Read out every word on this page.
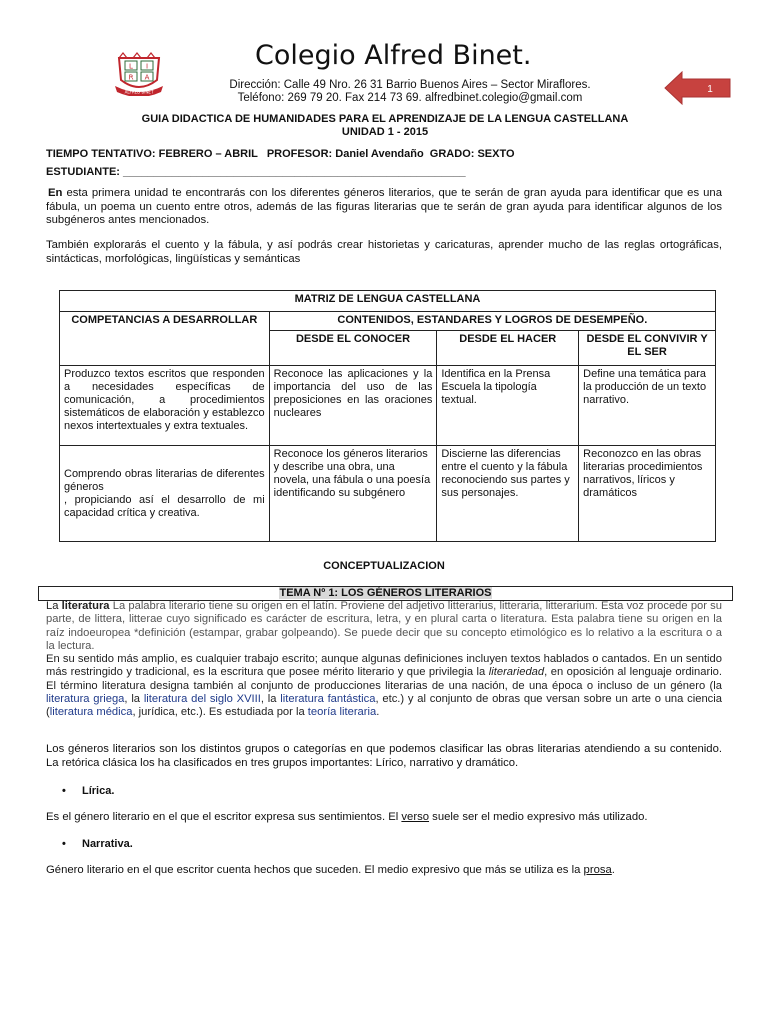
L I
R A
ALFRED BINET
Colegio Alfred Binet.
Dirección: Calle 49 Nro. 26 31 Barrio Buenos Aires – Sector Miraflores.
Teléfono: 269 79 20. Fax 214 73 69. alfredbinet.colegio@gmail.com
1
GUIA DIDACTICA DE HUMANIDADES PARA EL APRENDIZAJE DE LA LENGUA CASTELLANA
UNIDAD 1 - 2015
TIEMPO TENTATIVO: FEBRERO – ABRIL   PROFESOR: Daniel Avendaño  GRADO: SEXTO
ESTUDIANTE: ________________________________________________________
En esta primera unidad te encontrarás con los diferentes géneros literarios, que te serán de gran ayuda para identificar que es una fábula, un poema un cuento entre otros, además de las figuras literarias que te serán de gran ayuda para identificar algunos de los subgéneros antes mencionados.
También explorarás el cuento y la fábula, y así podrás crear historietas y caricaturas, aprender mucho de las reglas ortográficas, sintácticas, morfológicas, lingüísticas y semánticas
MATRIZ DE LENGUA CASTELLANA			
COMPETANCIAS A DESARROLLAR	CONTENIDOS, ESTANDARES Y LOGROS DE DESEMPEÑO.		
	DESDE EL CONOCER	DESDE EL HACER	DESDE EL CONVIVIR Y EL SER
Produzco textos escritos que responden a necesidades específicas de comunicación, a procedimientos sistemáticos de elaboración y establezco nexos intertextuales y extra textuales.	Reconoce las aplicaciones y la importancia del uso de las preposiciones en las oraciones nucleares	Identifica en la Prensa Escuela la tipología textual.	Define una temática para la producción de un texto narrativo.

Comprendo obras literarias de diferentes géneros
, propiciando así el desarrollo de mi capacidad crítica y creativa.	Reconoce los géneros literarios y describe una obra, una novela, una fábula o una poesía identificando su subgénero	Discierne las diferencias entre el cuento y la fábula reconociendo sus partes y sus personajes.	Reconozco en las obras literarias procedimientos narrativos, líricos y dramáticos
CONCEPTUALIZACION
TEMA Nº 1: LOS GÉNEROS LITERARIOS
La literatura La palabra literario tiene su origen en el latín. Proviene del adjetivo litterarius, litteraria, litterarium. Esta voz procede por su parte, de littera, litterae cuyo significado es carácter de escritura, letra, y en plural carta o literatura. Esta palabra tiene su origen en la raíz indoeuropea *definición (estampar, grabar golpeando). Se puede decir que su concepto etimológico es lo relativo a la escritura o a la lectura.
En su sentido más amplio, es cualquier trabajo escrito; aunque algunas definiciones incluyen textos hablados o cantados. En un sentido más restringido y tradicional, es la escritura que posee mérito literario y que privilegia la literariedad, en oposición al lenguaje ordinario. El término literatura designa también al conjunto de producciones literarias de una nación, de una época o incluso de un género (la literatura griega, la literatura del siglo XVIII, la literatura fantástica, etc.) y al conjunto de obras que versan sobre un arte o una ciencia (literatura médica, jurídica, etc.). Es estudiada por la teoría literaria.
Los géneros literarios son los distintos grupos o categorías en que podemos clasificar las obras literarias atendiendo a su contenido. La retórica clásica los ha clasificados en tres grupos importantes: Lírico, narrativo y dramático.
• Lírica.
Es el género literario en el que el escritor expresa sus sentimientos. El verso suele ser el medio expresivo más utilizado.
• Narrativa.
Género literario en el que escritor cuenta hechos que suceden. El medio expresivo que más se utiliza es la prosa.
